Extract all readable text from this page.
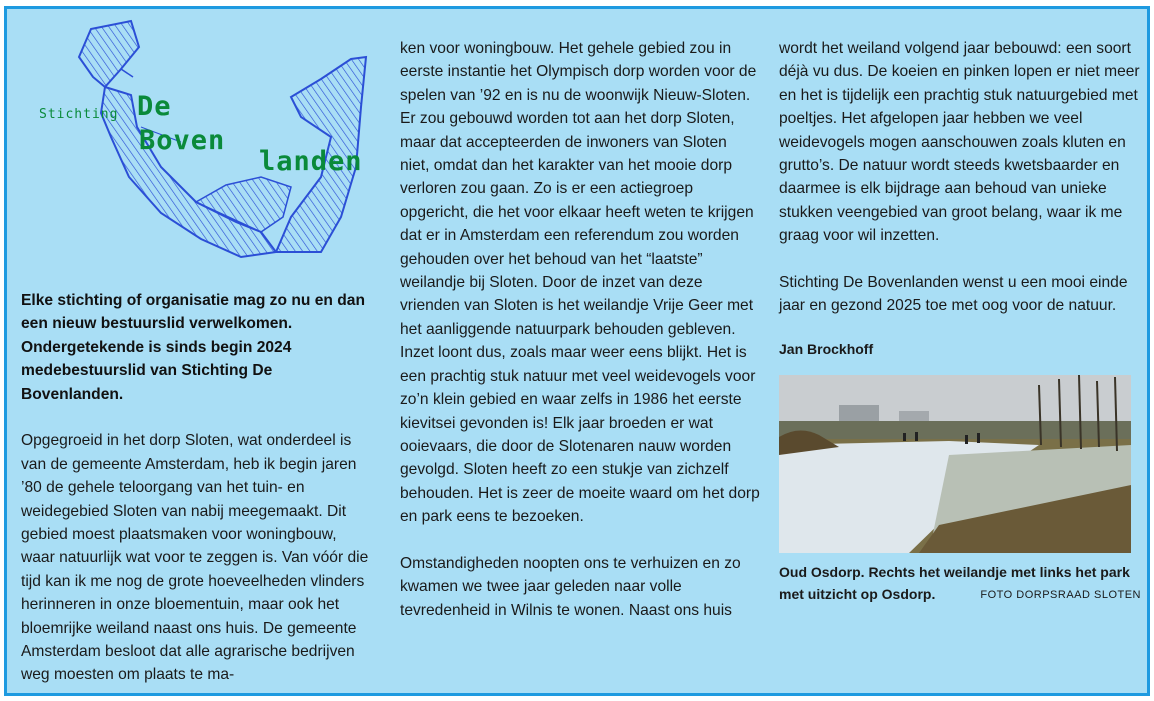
Stichting De
Boven
landen

Elke stichting of organisatie mag zo nu en dan een nieuw bestuurslid verwelkomen. Ondergetekende is sinds begin 2024 medebestuurslid van Stichting De Bovenlanden.

Opgegroeid in het dorp Sloten, wat onderdeel is van de gemeente Amsterdam, heb ik begin jaren ’80 de gehele teloorgang van het tuin- en weidegebied Sloten van nabij meegemaakt. Dit gebied moest plaatsmaken voor woningbouw, waar natuurlijk wat voor te zeggen is. Van vóór die tijd kan ik me nog de grote hoeveelheden vlinders herinneren in onze bloementuin, maar ook het bloemrijke weiland naast ons huis. De gemeente Amsterdam besloot dat alle agrarische bedrijven weg moesten om plaats te ma-

ken voor woningbouw. Het gehele gebied zou in eerste instantie het Olympisch dorp worden voor de spelen van ’92 en is nu de woonwijk Nieuw-Sloten. Er zou gebouwd worden tot aan het dorp Sloten, maar dat accepteerden de inwoners van Sloten niet, omdat dan het karakter van het mooie dorp verloren zou gaan. Zo is er een actiegroep opgericht, die het voor elkaar heeft weten te krijgen dat er in Amsterdam een referendum zou worden gehouden over het behoud van het “laatste” weilandje bij Sloten. Door de inzet van deze vrienden van Sloten is het weilandje Vrije Geer met het aanliggende natuurpark behouden gebleven. Inzet loont dus, zoals maar weer eens blijkt. Het is een prachtig stuk natuur met veel weidevogels voor zo’n klein gebied en waar zelfs in 1986 het eerste kievitsei gevonden is! Elk jaar broeden er wat ooievaars, die door de Slotenaren nauw worden gevolgd. Sloten heeft zo een stukje van zichzelf behouden. Het is zeer de moeite waard om het dorp en park eens te bezoeken.

Omstandigheden noopten ons te verhuizen en zo kwamen we twee jaar geleden naar volle tevredenheid in Wilnis te wonen. Naast ons huis

wordt het weiland volgend jaar bebouwd: een soort déjà vu dus. De koeien en pinken lopen er niet meer en het is tijdelijk een prachtig stuk natuurgebied met poeltjes. Het afgelopen jaar hebben we veel weidevogels mogen aanschouwen zoals kluten en grutto’s. De natuur wordt steeds kwetsbaarder en daarmee is elk bijdrage aan behoud van unieke stukken veengebied van groot belang, waar ik me graag voor wil inzetten.

Stichting De Bovenlanden wenst u een mooi einde jaar en gezond 2025 toe met oog voor de natuur.

Jan Brockhoff
Oud Osdorp. Rechts het weilandje met links het park met uitzicht op Osdorp.	FOTO DORPSRAAD SLOTEN
